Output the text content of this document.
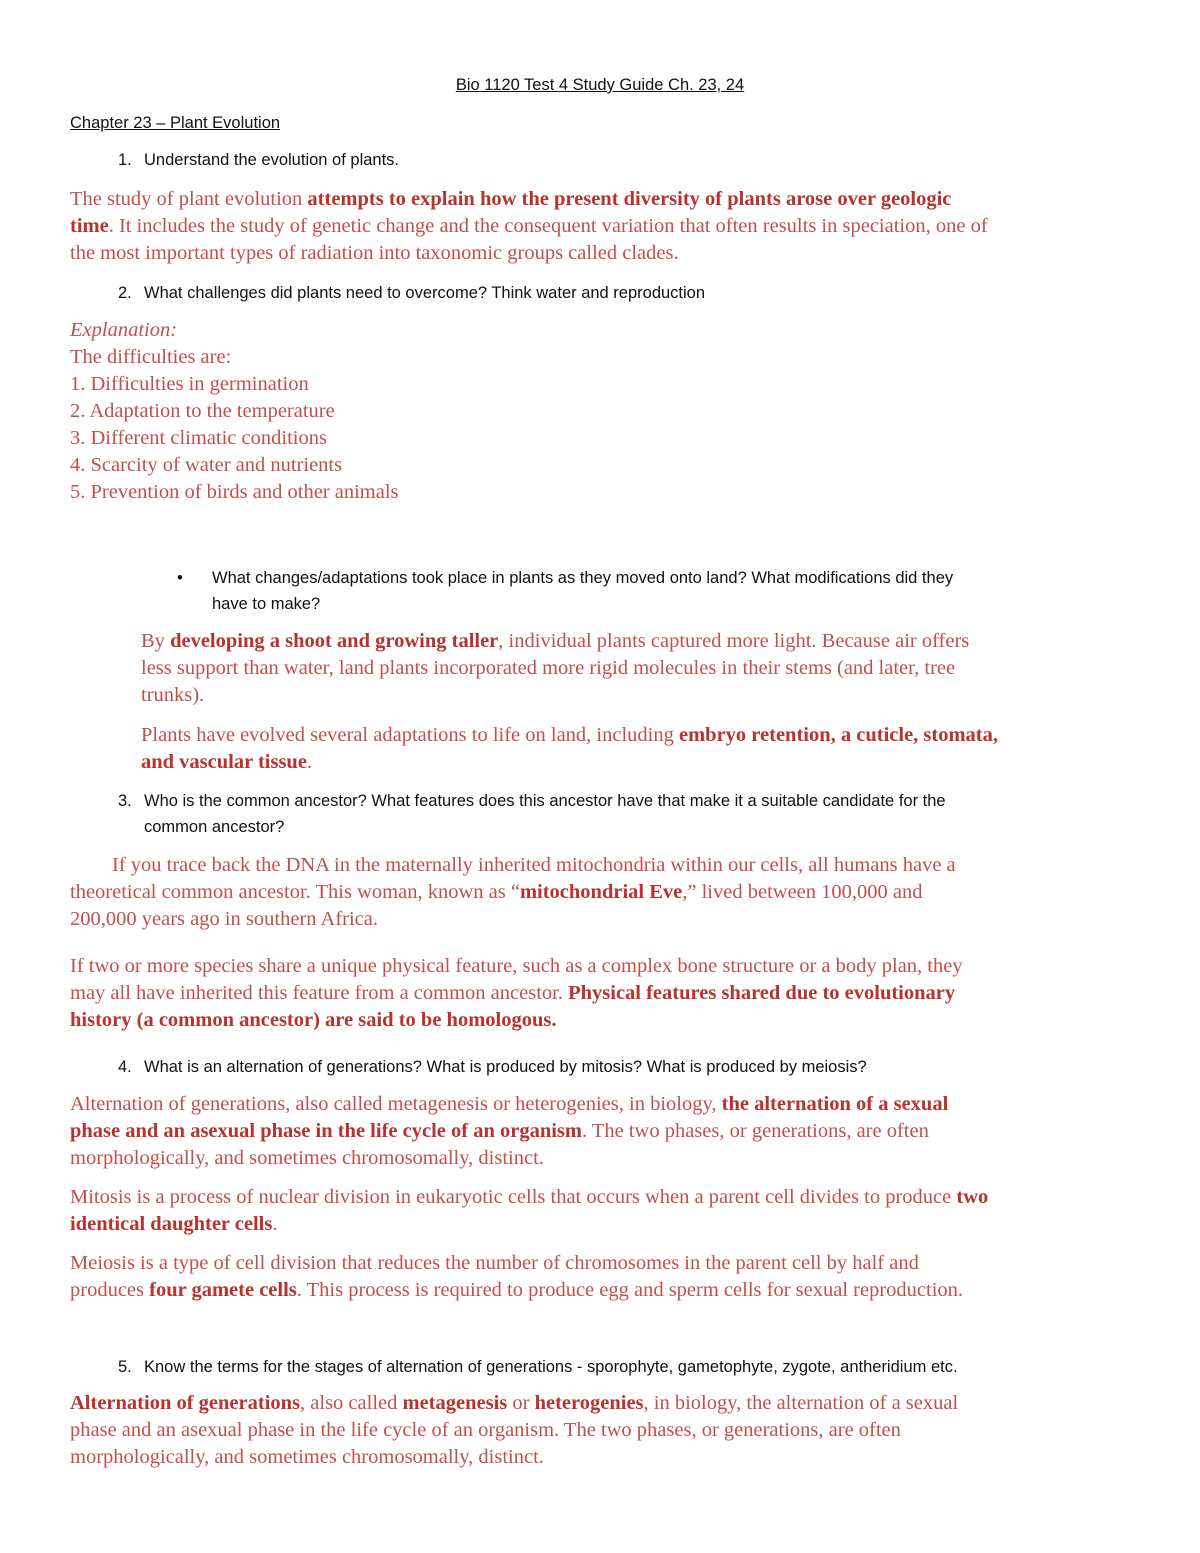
Bio 1120 Test 4 Study Guide Ch. 23, 24
Chapter 23 – Plant Evolution
1. Understand the evolution of plants.
The study of plant evolution attempts to explain how the present diversity of plants arose over geologic
time. It includes the study of genetic change and the consequent variation that often results in speciation, one of
the most important types of radiation into taxonomic groups called clades.
2. What challenges did plants need to overcome? Think water and reproduction
Explanation:
The difficulties are:
1. Difficulties in germination
2. Adaptation to the temperature
3. Different climatic conditions
4. Scarcity of water and nutrients
5. Prevention of birds and other animals
• What changes/adaptations took place in plants as they moved onto land? What modifications did they
have to make?
By developing a shoot and growing taller, individual plants captured more light. Because air offers
less support than water, land plants incorporated more rigid molecules in their stems (and later, tree
trunks).
Plants have evolved several adaptations to life on land, including embryo retention, a cuticle, stomata,
and vascular tissue.
3. Who is the common ancestor? What features does this ancestor have that make it a suitable candidate for the
common ancestor?
If you trace back the DNA in the maternally inherited mitochondria within our cells, all humans have a
theoretical common ancestor. This woman, known as “mitochondrial Eve,” lived between 100,000 and
200,000 years ago in southern Africa.
If two or more species share a unique physical feature, such as a complex bone structure or a body plan, they
may all have inherited this feature from a common ancestor. Physical features shared due to evolutionary
history (a common ancestor) are said to be homologous.
4. What is an alternation of generations? What is produced by mitosis? What is produced by meiosis?
Alternation of generations, also called metagenesis or heterogenies, in biology, the alternation of a sexual
phase and an asexual phase in the life cycle of an organism. The two phases, or generations, are often
morphologically, and sometimes chromosomally, distinct.
Mitosis is a process of nuclear division in eukaryotic cells that occurs when a parent cell divides to produce two
identical daughter cells.
Meiosis is a type of cell division that reduces the number of chromosomes in the parent cell by half and
produces four gamete cells. This process is required to produce egg and sperm cells for sexual reproduction.
5. Know the terms for the stages of alternation of generations - sporophyte, gametophyte, zygote, antheridium etc.
Alternation of generations, also called metagenesis or heterogenies, in biology, the alternation of a sexual
phase and an asexual phase in the life cycle of an organism. The two phases, or generations, are often
morphologically, and sometimes chromosomally, distinct.
